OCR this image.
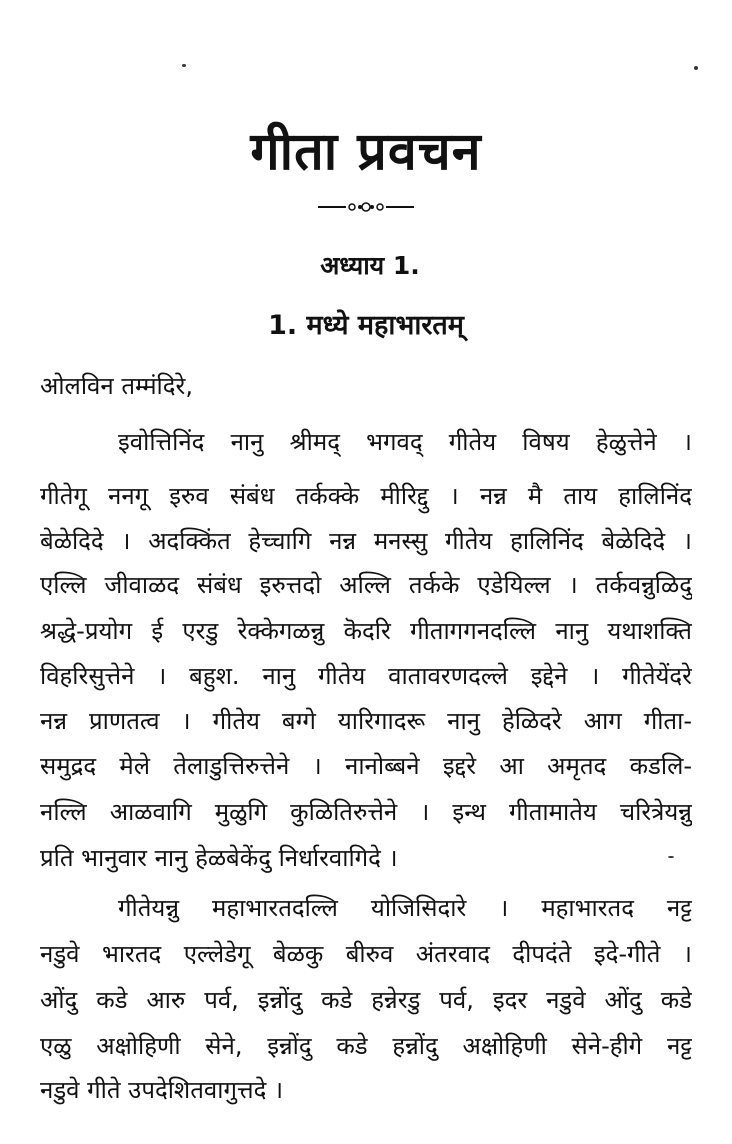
गीता प्रवचन
अध्याय 1.
1. मध्ये महाभारतम्
ओलविन तम्मंदिरे,
इवोत्तिनिंद नानु श्रीमद् भगवद् गीतेय विषय हेळुत्तेने ।
गीतेगू ननगू इरुव संबंध तर्कक्के मीरिद्दु । नन्न मै ताय हालिनिंद
बेळेदिदे । अदक्किंत हेच्चागि नन्न मनस्सु गीतेय हालिनिंद बेळेदिदे ।
एल्लि जीवाळद संबंध इरुत्तदो अल्लि तर्कके एडेयिल्ल । तर्कवन्नुळिदु
श्रद्धे-प्रयोग ई एरडु रेक्केगळन्नु कॆदरि गीतागगनदल्लि नानु यथाशक्ति
विहरिसुत्तेने । बहुश. नानु गीतेय वातावरणदल्ले इद्देने । गीतेयेंदरे
नन्न प्राणतत्व । गीतेय बग्गे यारिगादरू नानु हेळिदरे आग गीता-
समुद्रद मेले तेलाडुत्तिरुत्तेने । नानोब्बने इद्दरे आ अमृतद कडलि-
नल्लि आळवागि मुळुगि कुळितिरुत्तेने । इन्थ गीतामातेय चरित्रेयन्नु
प्रति भानुवार नानु हेळबेकेंदु निर्धारवागिदे ।
गीतेयन्नु महाभारतदल्लि योजिसिदारे । महाभारतद नट्ट
नडुवे भारतद एल्लेडेगू बेळकु बीरुव अंतरवाद दीपदंते इदे-गीते ।
ओंदु कडे आरु पर्व, इन्नोंदु कडे हन्नेरडु पर्व, इदर नडुवे ओंदु कडे
एळु अक्षोहिणी सेने, इन्नोंदु कडे हन्नोंदु अक्षोहिणी सेने-हीगे नट्ट
नडुवे गीते उपदेशितवागुत्तदे ।
